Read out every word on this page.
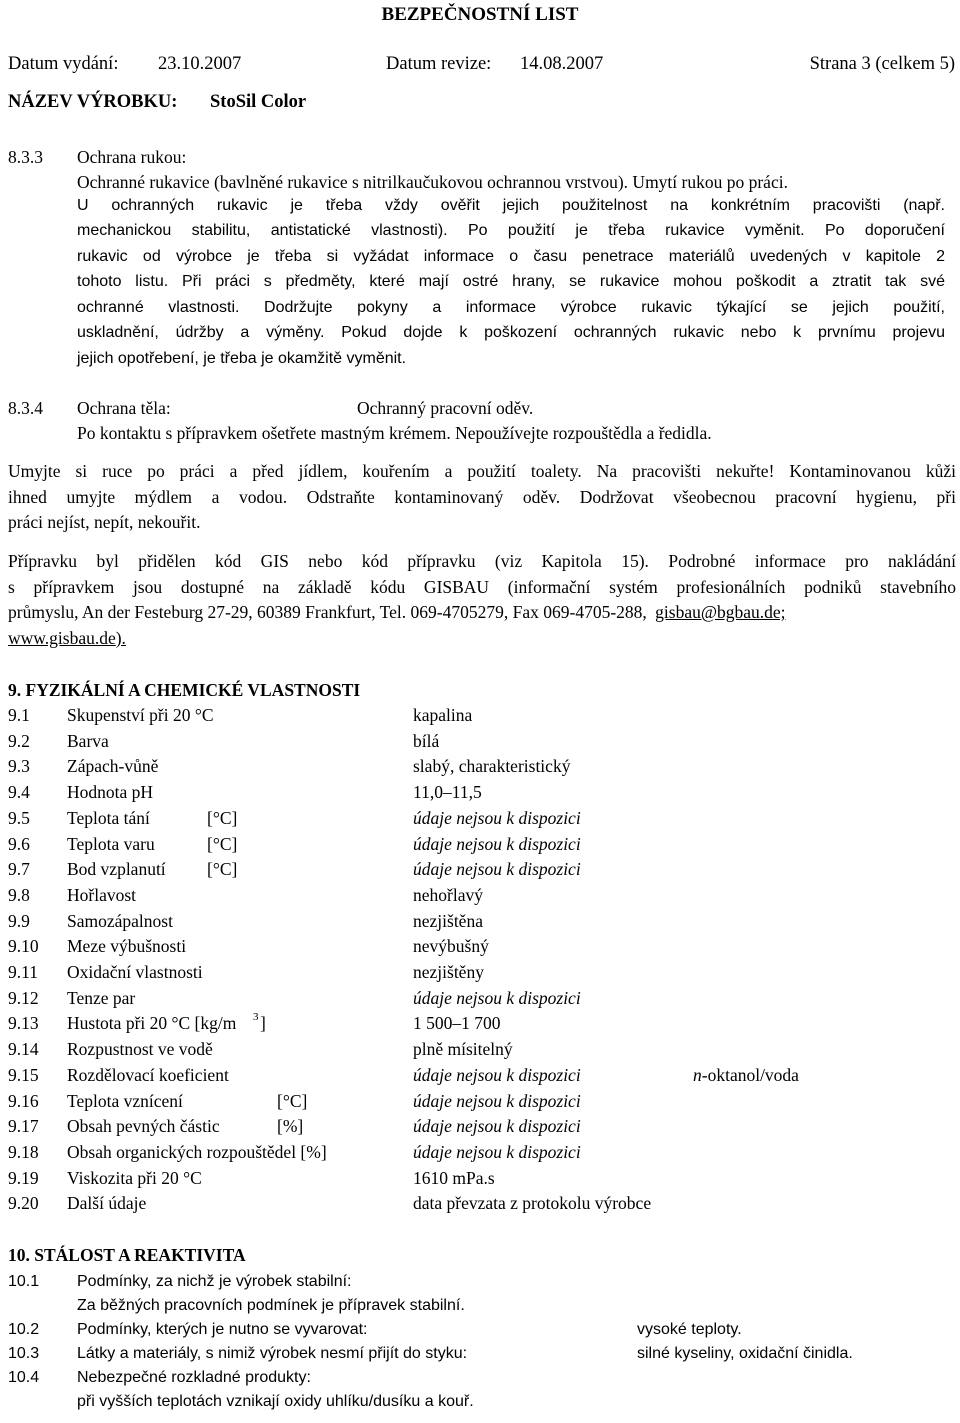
BEZPEČNOSTNÍ LIST
Datum vydání: 23.10.2007	Datum revize: 14.08.2007	Strana 3 (celkem 5)
NÁZEV VÝROBKU: StoSil Color
8.3.3 Ochrana rukou:
Ochranné rukavice (bavlněné rukavice s nitrilkaučukovou ochrannou vrstvou). Umytí rukou po práci.
U ochranných rukavic je třeba vždy ověřit jejich použitelnost na konkrétním pracovišti (např.
mechanickou stabilitu, antistatické vlastnosti). Po použití je třeba rukavice vyměnit. Po doporučení
rukavic od výrobce je třeba si vyžádat informace o času penetrace materiálů uvedených v kapitole 2
tohoto listu. Při práci s předměty, které mají ostré hrany, se rukavice mohou poškodit a ztratit tak své
ochranné vlastnosti. Dodržujte pokyny a informace výrobce rukavic týkající se jejich použití,
uskladnění, údržby a výměny. Pokud dojde k poškození ochranných rukavic nebo k prvnímu projevu
jejich opotřebení, je třeba je okamžitě vyměnit.
8.3.4 Ochrana těla:	Ochranný pracovní oděv.
Po kontaktu s přípravkem ošetřete mastným krémem. Nepoužívejte rozpouštědla a ředidla.
Umyjte si ruce po práci a před jídlem, kouřením a použití toalety. Na pracovišti nekuřte! Kontaminovanou kůži
ihned umyjte mýdlem a vodou. Odstraňte kontaminovaný oděv. Dodržovat všeobecnou pracovní hygienu, při
práci nejíst, nepít, nekouřit.
Přípravku byl přidělen kód GIS nebo kód přípravku (viz Kapitola 15). Podrobné informace pro nakládání
s přípravkem jsou dostupné na základě kódu GISBAU (informační systém profesionálních podniků stavebního
průmyslu, An der Festeburg 27-29, 60389 Frankfurt, Tel. 069-4705279, Fax 069-4705-288, gisbau@bgbau.de;
www.gisbau.de).
9. FYZIKÁLNÍ A CHEMICKÉ VLASTNOSTI
9.1 Skupenství při 20 °C	kapalina
9.2 Barva	bílá
9.3 Zápach-vůně	slabý, charakteristický
9.4 Hodnota pH	11,0–11,5
9.5 Teplota tání	[°C]	údaje nejsou k dispozici
9.6 Teplota varu	[°C]	údaje nejsou k dispozici
9.7 Bod vzplanutí [°C]	údaje nejsou k dispozici
9.8 Hořlavost	nehořlavý
9.9 Samozápalnost	nezjištěna
9.10 Meze výbušnosti	nevýbušný
9.11 Oxidační vlastnosti	nezjištěny
9.12 Tenze par	údaje nejsou k dispozici
9.13 Hustota při 20 °C [kg/m 3 ]	1 500–1 700
9.14 Rozpustnost ve vodě	plně mísitelný
9.15 Rozdělovací koeficient	údaje nejsou k dispozici	n-oktanol/voda
9.16 Teplota vznícení	[°C]	údaje nejsou k dispozici
9.17 Obsah pevných částic	[%]	údaje nejsou k dispozici
9.18 Obsah organických rozpouštědel [%]	údaje nejsou k dispozici
9.19 Viskozita při 20 °C	1610 mPa.s
9.20 Další údaje	data převzata z protokolu výrobce
10. STÁLOST A REAKTIVITA
10.1 Podmínky, za nichž je výrobek stabilní:
Za běžných pracovních podmínek je přípravek stabilní.
10.2 Podmínky, kterých je nutno se vyvarovat:	vysoké teploty.
10.3 Látky a materiály, s nimiž výrobek nesmí přijít do styku:	silné kyseliny, oxidační činidla.
10.4 Nebezpečné rozkladné produkty:
při vyšších teplotách vznikají oxidy uhlíku/dusíku a kouř.
